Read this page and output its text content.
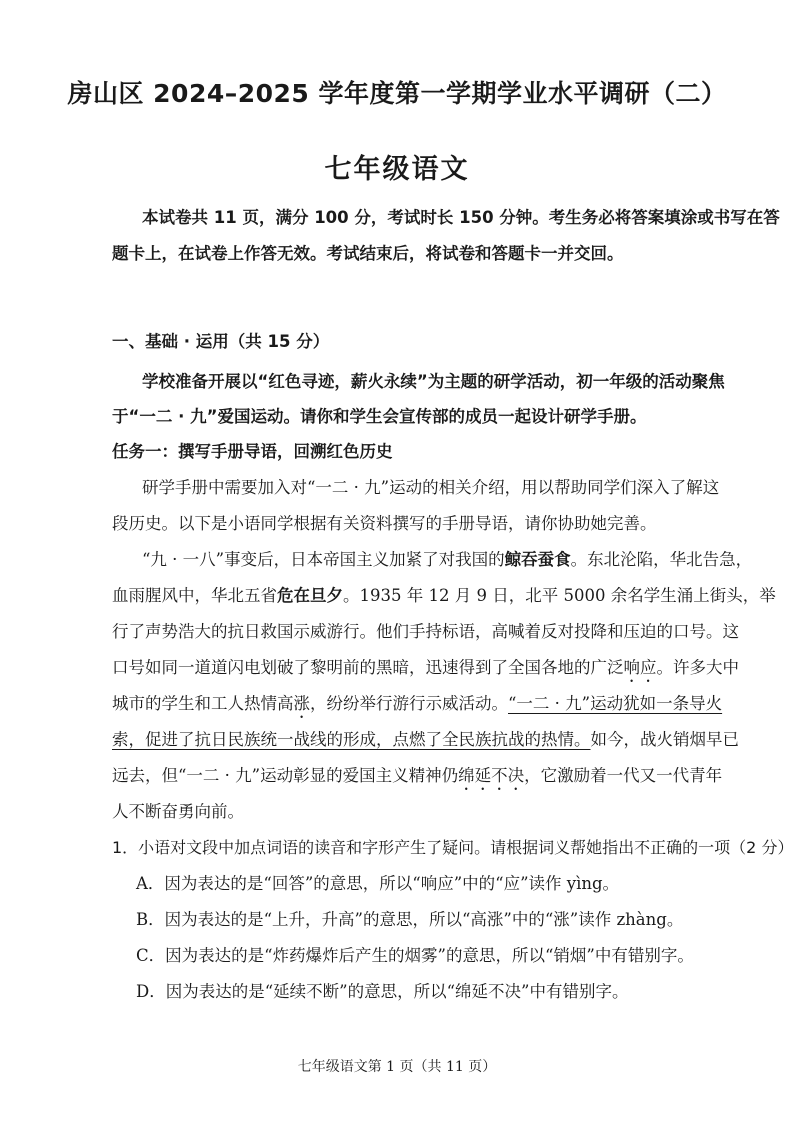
房山区 2024–2025 学年度第一学期学业水平调研（二）
七年级语文
本试卷共 11 页，满分 100 分，考试时长 150 分钟。考生务必将答案填涂或书写在答
题卡上，在试卷上作答无效。考试结束后，将试卷和答题卡一并交回。
一、基础 · 运用（共 15 分）
学校准备开展以“红色寻迹，薪火永续”为主题的研学活动，初一年级的活动聚焦
于“一二 · 九”爱国运动。请你和学生会宣传部的成员一起设计研学手册。
任务一：撰写手册导语，回溯红色历史
研学手册中需要加入对“一二 · 九”运动的相关介绍，用以帮助同学们深入了解这
段历史。以下是小语同学根据有关资料撰写的手册导语，请你协助她完善。
“九 · 一八”事变后，日本帝国主义加紧了对我国的鲸吞蚕食。东北沦陷，华北告急，
血雨腥风中，华北五省危在旦夕。1935 年 12 月 9 日，北平 5000 余名学生涌上街头，举
行了声势浩大的抗日救国示威游行。他们手持标语，高喊着反对投降和压迫的口号。这
口号如同一道道闪电划破了黎明前的黑暗，迅速得到了全国各地的广泛响应。许多大中
城市的学生和工人热情高涨，纷纷举行游行示威活动。“一二 · 九”运动犹如一条导火
索，促进了抗日民族统一战线的形成，点燃了全民族抗战的热情。如今，战火销烟早已
远去，但“一二 · 九”运动彰显的爱国主义精神仍绵延不决，它激励着一代又一代青年
人不断奋勇向前。
1．小语对文段中加点词语的读音和字形产生了疑问。请根据词义帮她指出不正确的一项（2 分）
A．因为表达的是“回答”的意思，所以“响应”中的“应”读作 yìng。
B．因为表达的是“上升，升高”的意思，所以“高涨”中的“涨”读作 zhàng。
C．因为表达的是“炸药爆炸后产生的烟雾”的意思，所以“销烟”中有错别字。
D．因为表达的是“延续不断”的意思，所以“绵延不决”中有错别字。
七年级语文第 1 页（共 11 页）
